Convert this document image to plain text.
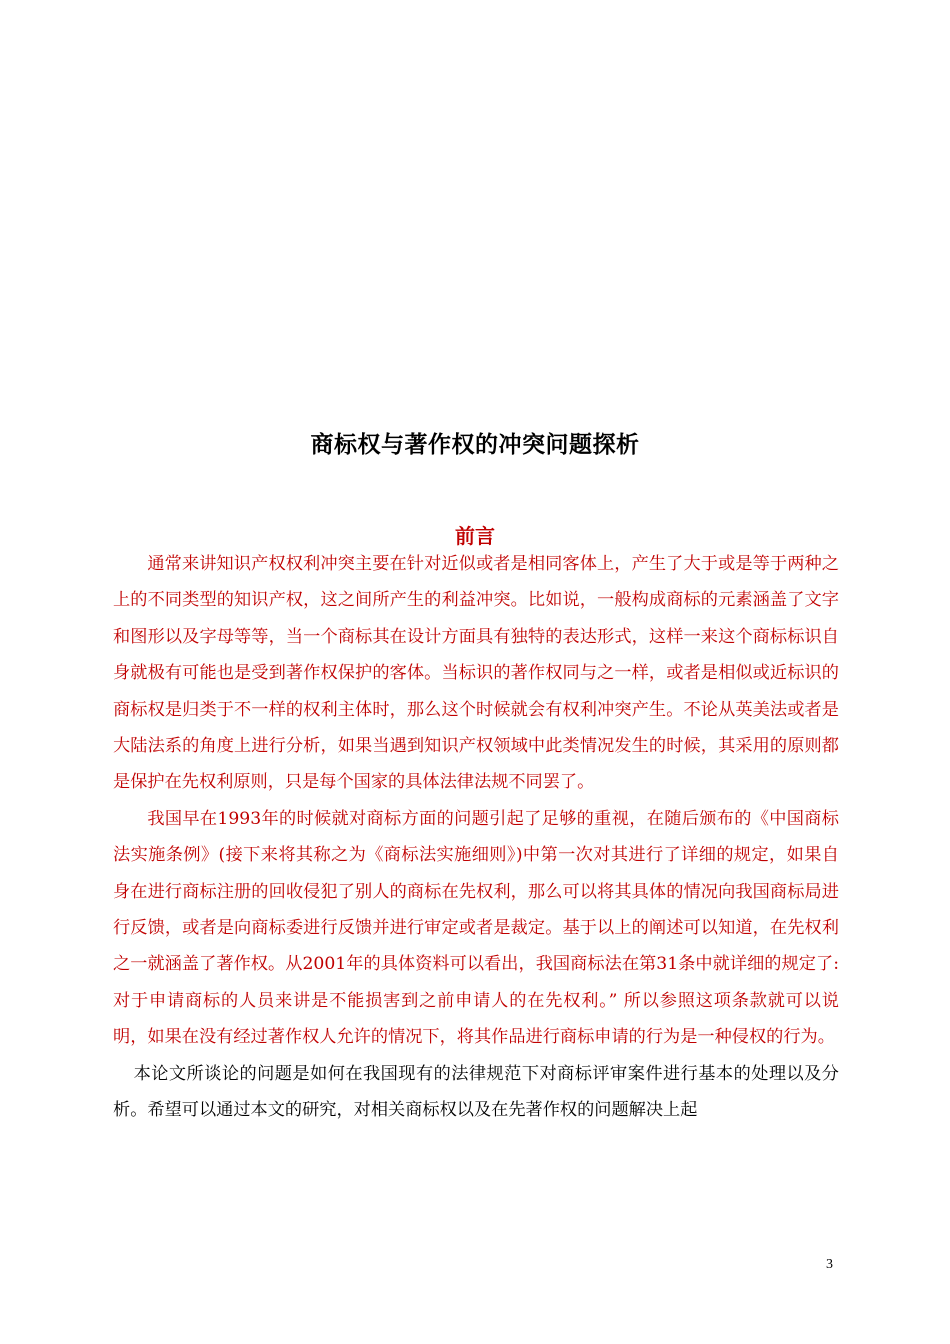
商标权与著作权的冲突问题探析
前言

通常来讲知识产权权利冲突主要在针对近似或者是相同客体上，产生了大于或是等于两种之上的不同类型的知识产权，这之间所产生的利益冲突。比如说，一般构成商标的元素涵盖了文字和图形以及字母等等，当一个商标其在设计方面具有独特的表达形式，这样一来这个商标标识自身就极有可能也是受到著作权保护的客体。当标识的著作权同与之一样，或者是相似或近标识的商标权是归类于不一样的权利主体时，那么这个时候就会有权利冲突产生。不论从英美法或者是大陆法系的角度上进行分析，如果当遇到知识产权领域中此类情况发生的时候，其采用的原则都是保护在先权利原则，只是每个国家的具体法律法规不同罢了。

我国早在1993年的时候就对商标方面的问题引起了足够的重视，在随后颁布的《中国商标法实施条例》(接下来将其称之为《商标法实施细则》)中第一次对其进行了详细的规定，如果自身在进行商标注册的回收侵犯了别人的商标在先权利，那么可以将其具体的情况向我国商标局进行反馈，或者是向商标委进行反馈并进行审定或者是裁定。基于以上的阐述可以知道，在先权利之一就涵盖了著作权。从2001年的具体资料可以看出，我国商标法在第31条中就详细的规定了:对于申请商标的人员来讲是不能损害到之前申请人的在先权利。” 所以参照这项条款就可以说明，如果在没有经过著作权人允许的情况下，将其作品进行商标申请的行为是一种侵权的行为。

本论文所谈论的问题是如何在我国现有的法律规范下对商标评审案件进行基本的处理以及分析。希望可以通过本文的研究，对相关商标权以及在先著作权的问题解决上起

3
